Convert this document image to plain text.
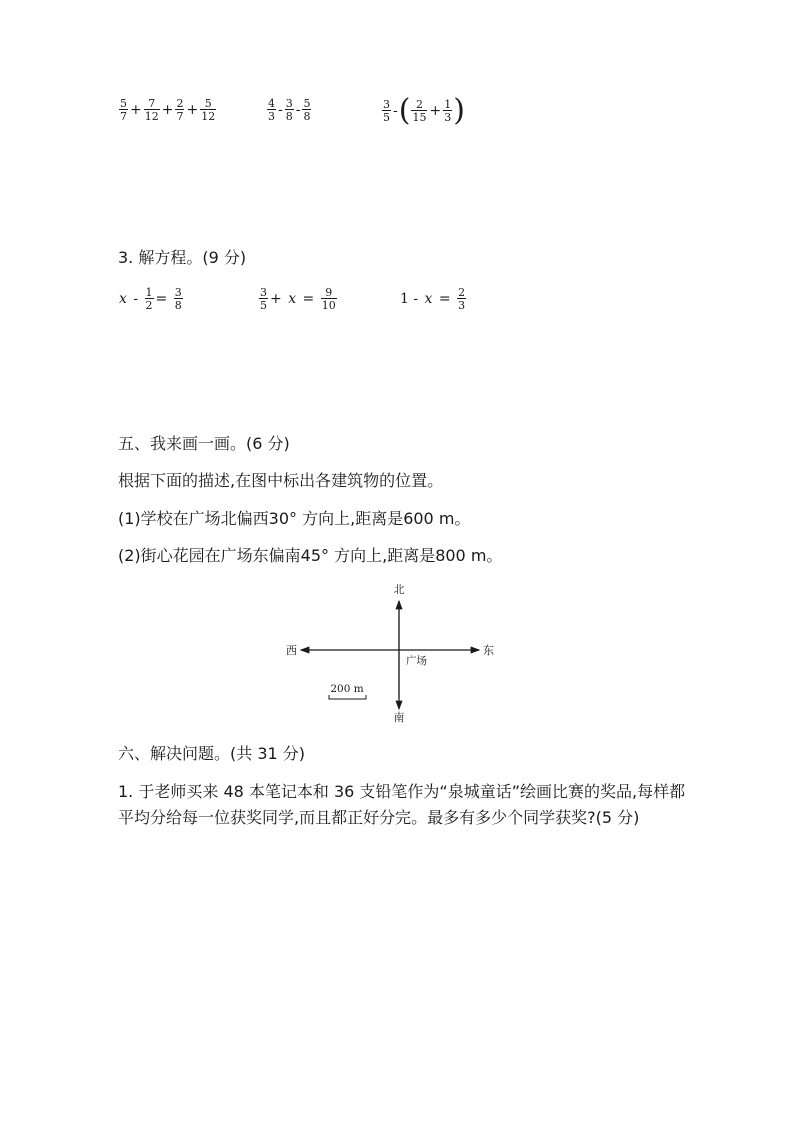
$\frac{5}{7} + \frac{7}{12} + \frac{2}{7} + \frac{5}{12}$	$\frac{4}{3} - \frac{3}{8} - \frac{5}{8}$	$\frac{3}{5}$ - ( $\frac{2}{15} + \frac{1}{3}$ )
3. 解方程。(9 分)
$x - \frac{1}{2} = \frac{3}{8}$	$\frac{3}{5} + x = \frac{9}{10}$	$1 - x = \frac{2}{3}$
五、我来画一画。(6 分)
根据下面的描述,在图中标出各建筑物的位置。
(1)学校在广场北偏西30° 方向上,距离是600 m。
(2)街心花园在广场东偏南45° 方向上,距离是800 m。
北
南
西	东
广场
200 m
六、解决问题。(共 31 分)
1. 于老师买来 48 本笔记本和 36 支铅笔作为“泉城童话”绘画比赛的奖品,每样都平均分给每一位获奖同学,而且都正好分完。最多有多少个同学获奖?(5 分)
